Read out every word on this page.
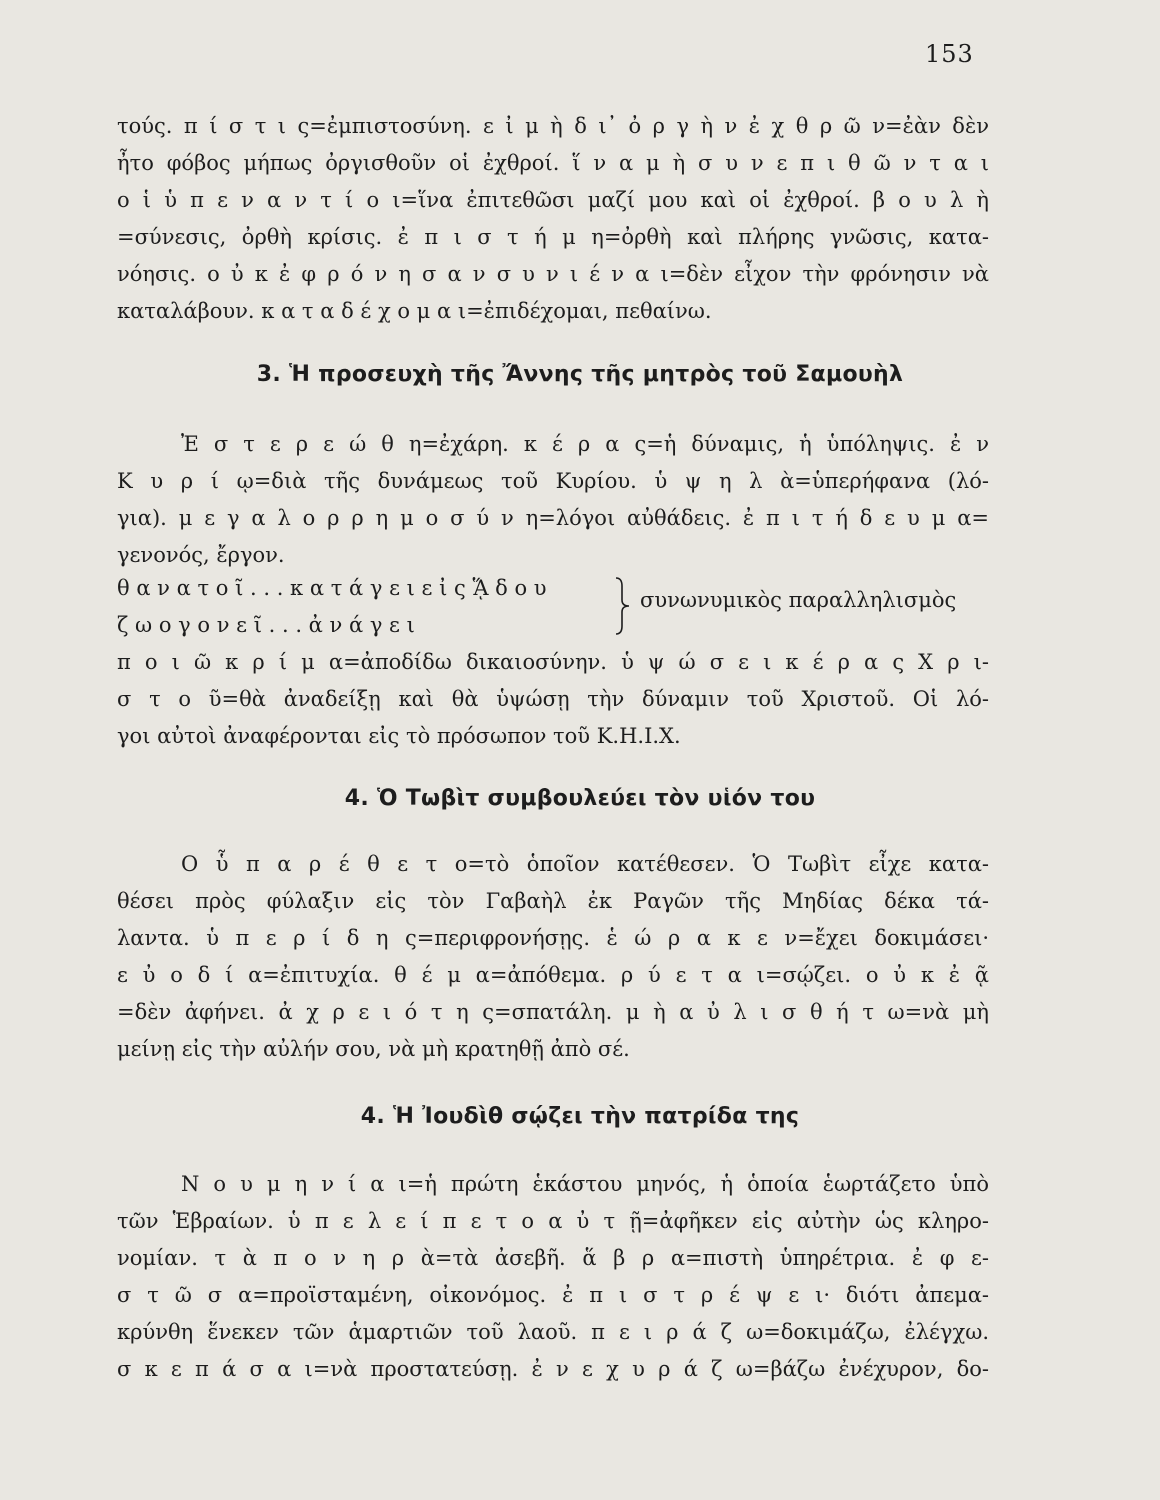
153
τούς. π ί σ τ ι ς=ἐμπιστοσύνη. ε ἰ μ ὴ δ ι᾽ ὀ ρ γ ὴ ν ἐ χ θ ρ ῶ ν=ἐὰν δὲν
ἦτο φόβος μήπως ὀργισθοῦν οἱ ἐχθροί. ἵ ν α μ ὴ σ υ ν ε π ι θ ῶ ν τ α ι
ο ἱ ὑ π ε ν α ν τ ί ο ι=ἵνα ἐπιτεθῶσι μαζί μου καὶ οἱ ἐχθροί. β ο υ λ ὴ
=σύνεσις, ὀρθὴ κρίσις. ἐ π ι σ τ ή μ η=ὀρθὴ καὶ πλήρης γνῶσις, κατα-
νόησις. ο ὐ κ ἐ φ ρ ό ν η σ α ν σ υ ν ι έ ν α ι=δὲν εἶχον τὴν φρόνησιν νὰ
καταλάβουν. κ α τ α δ έ χ ο μ α ι=ἐπιδέχομαι, πεθαίνω.
3. Ἡ προσευχὴ τῆς Ἄννης τῆς μητρὸς τοῦ Σαμουὴλ
Ἐ σ τ ε ρ ε ώ θ η=ἐχάρη. κ έ ρ α ς=ἡ δύναμις, ἡ ὑπόληψις. ἐ ν
Κ υ ρ ί ῳ=διὰ τῆς δυνάμεως τοῦ Κυρίου. ὑ ψ η λ ὰ=ὑπερήφανα (λό-
για). μ ε γ α λ ο ρ ρ η μ ο σ ύ ν η=λόγοι αὐθάδεις. ἐ π ι τ ή δ ε υ μ α=
γενονός, ἔργον.
θ α ν α τ ο ῖ . . . κ α τ ά γ ε ι ε ἰ ς ᾍ δ ο υ
ζ ω ο γ ο ν ε ῖ . . . ἀ ν ά γ ε ι
συνωνυμικὸς παραλληλισμὸς
π ο ι ῶ κ ρ ί μ α=ἀποδίδω δικαιοσύνην. ὑ ψ ώ σ ε ι κ έ ρ α ς Χ ρ ι-
σ τ ο ῦ=θὰ ἀναδείξῃ καὶ θὰ ὑψώσῃ τὴν δύναμιν τοῦ Χριστοῦ. Οἱ λό-
γοι αὐτοὶ ἀναφέρονται εἰς τὸ πρόσωπον τοῦ Κ.Η.Ι.Χ.
4. Ὁ Τωβὶτ συμβουλεύει τὸν υἱόν του
Ο ὗ π α ρ έ θ ε τ ο=τὸ ὁποῖον κατέθεσεν. Ὁ Τωβὶτ εἶχε κατα-
θέσει πρὸς φύλαξιν εἰς τὸν Γαβαὴλ ἐκ Ραγῶν τῆς Μηδίας δέκα τά-
λαντα. ὑ π ε ρ ί δ η ς=περιφρονήσῃς. ἑ ώ ρ α κ ε ν=ἔχει δοκιμάσει·
ε ὐ ο δ ί α=ἐπιτυχία. θ έ μ α=ἀπόθεμα. ρ ύ ε τ α ι=σῴζει. ο ὐ κ ἐ ᾷ
=δὲν ἀφήνει. ἀ χ ρ ε ι ό τ η ς=σπατάλη. μ ὴ α ὐ λ ι σ θ ή τ ω=νὰ μὴ
μείνῃ εἰς τὴν αὐλήν σου, νὰ μὴ κρατηθῇ ἀπὸ σέ.
4. Ἡ Ἰουδὶθ σῴζει τὴν πατρίδα της
Ν ο υ μ η ν ί α ι=ἡ πρώτη ἑκάστου μηνός, ἡ ὁποία ἑωρτάζετο ὑπὸ
τῶν Ἑβραίων. ὑ π ε λ ε ί π ε τ ο α ὐ τ ῇ=ἀφῆκεν εἰς αὐτὴν ὡς κληρο-
νομίαν. τ ὰ π ο ν η ρ ὰ=τὰ ἀσεβῆ. ἅ β ρ α=πιστὴ ὑπηρέτρια. ἐ φ ε-
σ τ ῶ σ α=προϊσταμένη, οἰκονόμος. ἐ π ι σ τ ρ έ ψ ε ι· διότι ἀπεμα-
κρύνθη ἕνεκεν τῶν ἁμαρτιῶν τοῦ λαοῦ. π ε ι ρ ά ζ ω=δοκιμάζω, ἐλέγχω.
σ κ ε π ά σ α ι=νὰ προστατεύσῃ. ἐ ν ε χ υ ρ ά ζ ω=βάζω ἐνέχυρον, δο-
